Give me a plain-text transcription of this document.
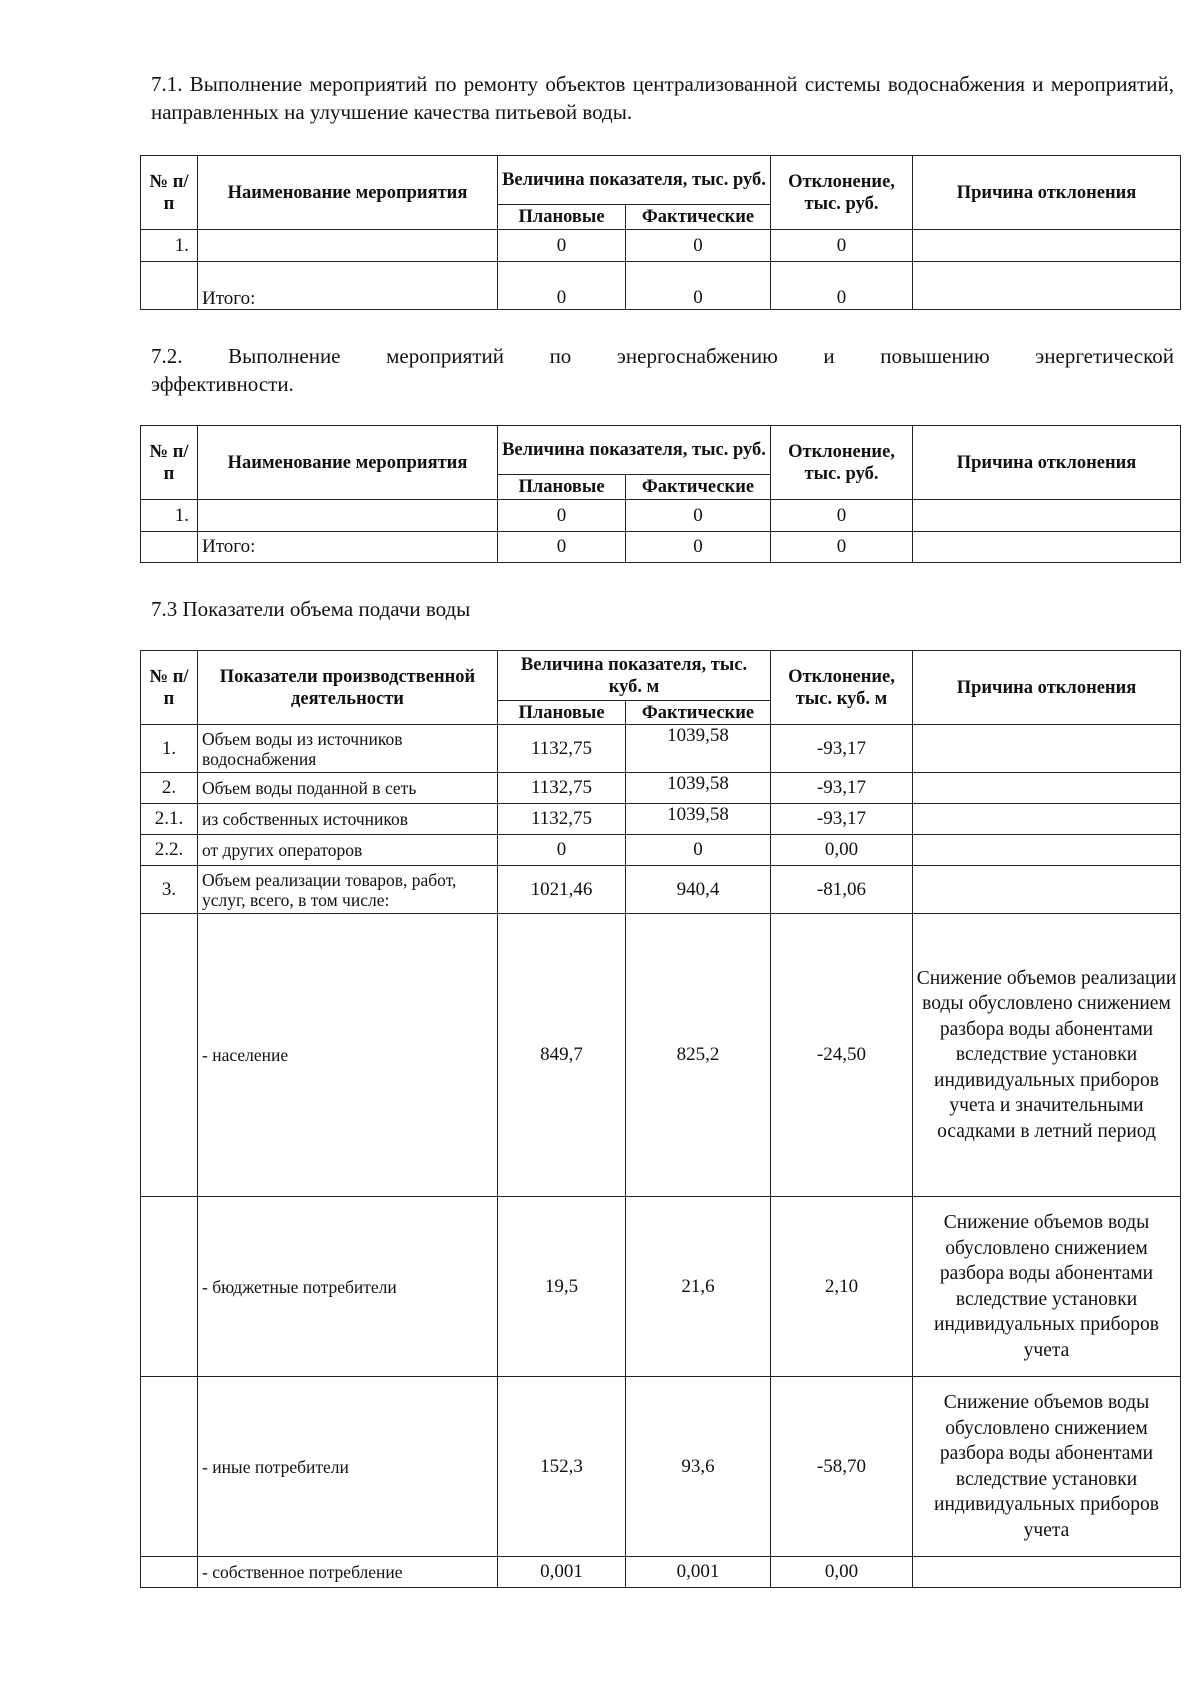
7.1. Выполнение мероприятий по ремонту объектов централизованной системы водоснабжения и мероприятий, направленных на улучшение качества питьевой воды.

№ п/п	Наименование мероприятия	Величина показателя, тыс. руб.		Отклонение, тыс. руб.	Причина отклонения
		Плановые	Фактические		
1.		0	0	0	
	Итого:	0	0	0	

7.2. Выполнение мероприятий по энергоснабжению и повышению энергетической

эффективности.

№ п/п	Наименование мероприятия	Величина показателя, тыс. руб.		Отклонение, тыс. руб.	Причина отклонения
		Плановые	Фактические		
1.		0	0	0	
	Итого:	0	0	0	

7.3 Показатели объема подачи воды

№ п/п	Показатели производственной деятельности	Величина показателя, тыс. куб. м		Отклонение, тыс. куб. м	Причина отклонения
		Плановые	Фактические		
1.	Объем воды из источников водоснабжения	1132,75	1039,58	-93,17	
2.	Объем воды поданной в сеть	1132,75	1039,58	-93,17	
2.1.	из собственных источников	1132,75	1039,58	-93,17	
2.2.	от других операторов	0	0	0,00	
3.	Объем реализации товаров, работ, услуг, всего, в том числе:	1021,46	940,4	-81,06	
	- население	849,7	825,2	-24,50	Снижение объемов реализации воды обусловлено снижением разбора воды абонентами вследствие установки индивидуальных приборов учета и значительными осадками в летний период
	- бюджетные потребители	19,5	21,6	2,10	Снижение объемов воды обусловлено снижением разбора воды абонентами вследствие установки индивидуальных приборов учета
	- иные потребители	152,3	93,6	-58,70	Снижение объемов воды обусловлено снижением разбора воды абонентами вследствие установки индивидуальных приборов учета
	- собственное потребление	0,001	0,001	0,00	
